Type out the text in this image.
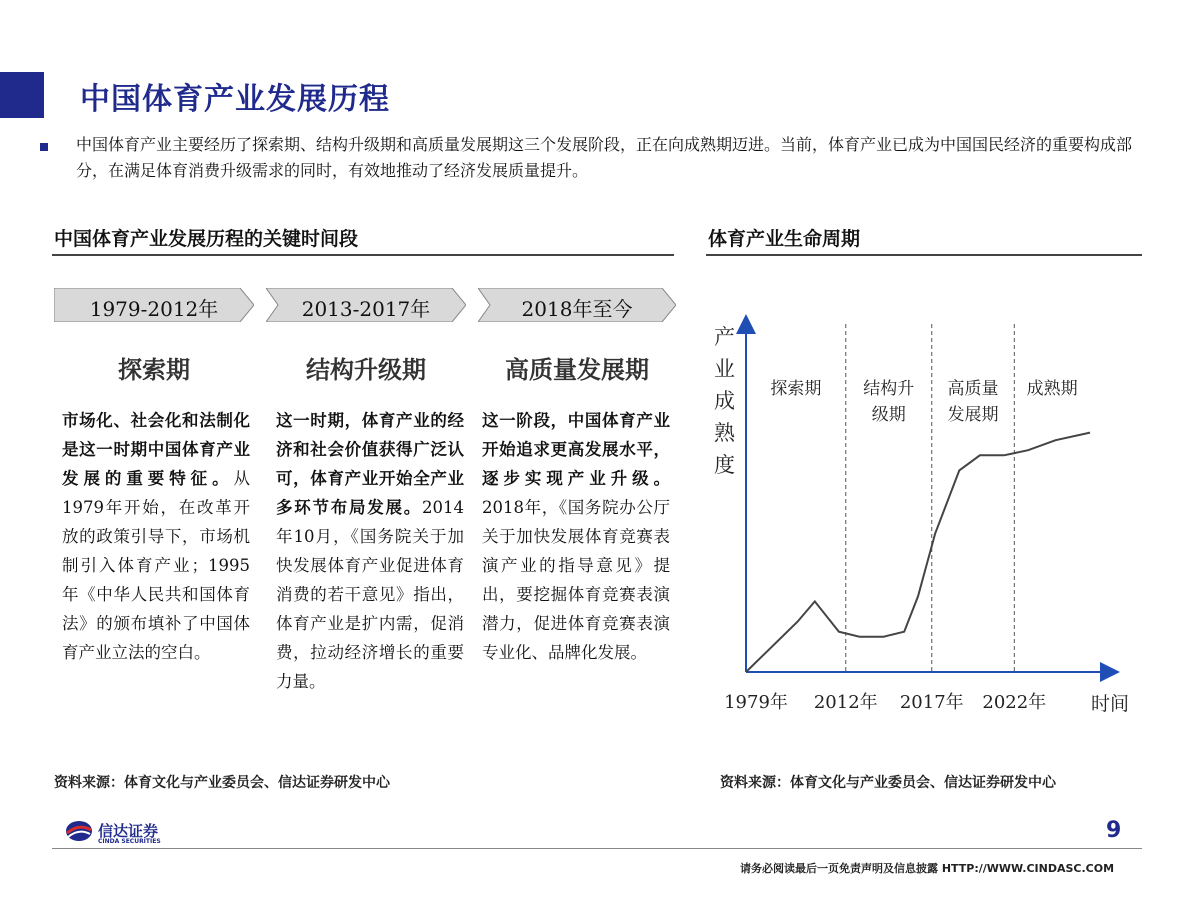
中国体育产业发展历程
中国体育产业主要经历了探索期、结构升级期和高质量发展期这三个发展阶段，正在向成熟期迈进。当前，体育产业已成为中国国民经济的重要构成部分，在满足体育消费升级需求的同时，有效地推动了经济发展质量提升。
中国体育产业发展历程的关键时间段
1979-2012年	2013-2017年	2018年至今
探索期	结构升级期	高质量发展期
市场化、社会化和法制化是这一时期中国体育产业发展的重要特征。从1979年开始，在改革开放的政策引导下，市场机制引入体育产业；1995年《中华人民共和国体育法》的颁布填补了中国体育产业立法的空白。
这一时期，体育产业的经济和社会价值获得广泛认可，体育产业开始全产业多环节布局发展。2014年10月，《国务院关于加快发展体育产业促进体育消费的若干意见》指出，体育产业是扩内需，促消费，拉动经济增长的重要力量。
这一阶段，中国体育产业开始追求更高发展水平，逐步实现产业升级。2018年，《国务院办公厅关于加快发展体育竞赛表演产业的指导意见》提出，要挖掘体育竞赛表演潜力，促进体育竞赛表演专业化、品牌化发展。
资料来源：体育文化与产业委员会、信达证券研发中心
体育产业生命周期
产
业
成
熟
度
探索期 结构升
级期
高质量
发展期
成熟期
1979年 2012年 2017年 2022年 时间
资料来源：体育文化与产业委员会、信达证券研发中心
信达证券
CINDA SECURITIES	9
请务必阅读最后一页免责声明及信息披露 HTTP://WWW.CINDASC.COM
